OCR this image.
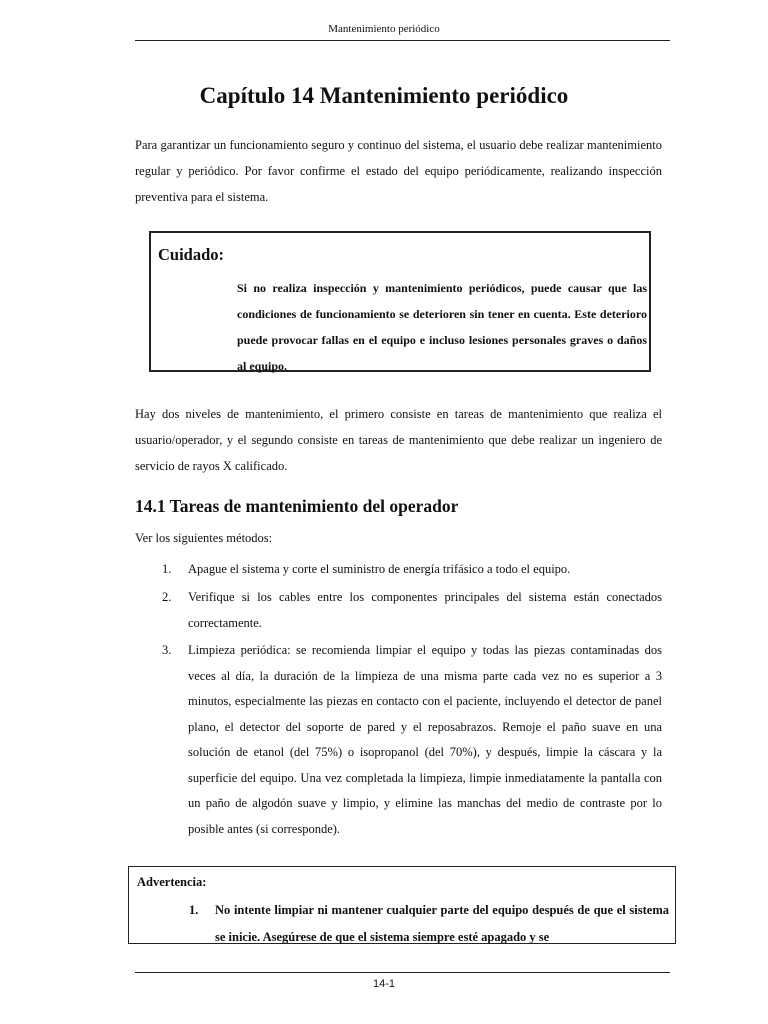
Mantenimiento periódico
Capítulo 14 Mantenimiento periódico

Para garantizar un funcionamiento seguro y continuo del sistema, el usuario debe realizar mantenimiento regular y periódico. Por favor confirme el estado del equipo periódicamente, realizando inspección preventiva para el sistema.

Cuidado:
Si no realiza inspección y mantenimiento periódicos, puede causar que las condiciones de funcionamiento se deterioren sin tener en cuenta. Este deterioro puede provocar fallas en el equipo e incluso lesiones personales graves o daños al equipo.

Hay dos niveles de mantenimiento, el primero consiste en tareas de mantenimiento que realiza el usuario/operador, y el segundo consiste en tareas de mantenimiento que debe realizar un ingeniero de servicio de rayos X calificado.

14.1 Tareas de mantenimiento del operador
Ver los siguientes métodos:
1. Apague el sistema y corte el suministro de energía trifásico a todo el equipo.
2. Verifique si los cables entre los componentes principales del sistema están conectados correctamente.
3. Limpieza periódica: se recomienda limpiar el equipo y todas las piezas contaminadas dos veces al día, la duración de la limpieza de una misma parte cada vez no es superior a 3 minutos, especialmente las piezas en contacto con el paciente, incluyendo el detector de panel plano, el detector del soporte de pared y el reposabrazos. Remoje el paño suave en una solución de etanol (del 75%) o isopropanol (del 70%), y después, limpie la cáscara y la superficie del equipo. Una vez completada la limpieza, limpie inmediatamente la pantalla con un paño de algodón suave y limpio, y elimine las manchas del medio de contraste por lo posible antes (si corresponde).
Advertencia:
1. No intente limpiar ni mantener cualquier parte del equipo después de que el sistema se inicie. Asegúrese de que el sistema siempre esté apagado y se
14-1
